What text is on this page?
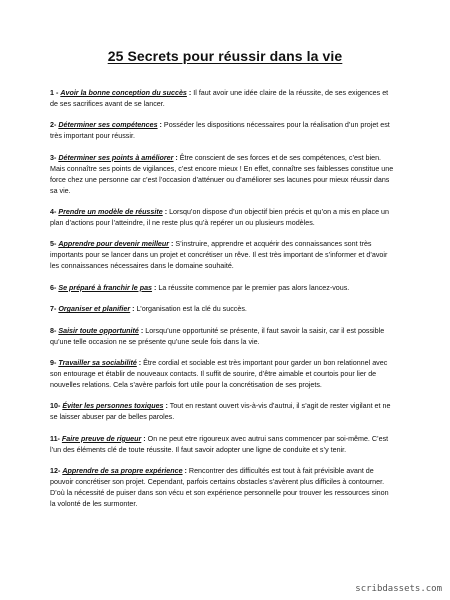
25 Secrets pour réussir dans la vie

1 - Avoir la bonne conception du succès : Il faut avoir une idée claire de la réussite, de ses exigences et de ses sacrifices avant de se lancer.

2- Déterminer ses compétences : Posséder les dispositions nécessaires pour la réalisation d’un projet est très important pour réussir.

3- Déterminer ses points à améliorer : Être conscient de ses forces et de ses compétences, c’est bien. Mais connaître ses points de vigilances, c’est encore mieux ! En effet, connaître ses faiblesses constitue une force chez une personne car c’est l’occasion d’atténuer ou d’améliorer ses lacunes pour mieux réussir dans sa vie.

4- Prendre un modèle de réussite : Lorsqu’on dispose d’un objectif bien précis et qu’on a mis en place un plan d’actions pour l’atteindre, il ne reste plus qu’à repérer un ou plusieurs modèles.

5- Apprendre pour devenir meilleur : S’instruire, apprendre et acquérir des connaissances sont très importants pour se lancer dans un projet et concrétiser un rêve. Il est très important de s’informer et d’avoir les connaissances nécessaires dans le domaine souhaité.

6- Se préparé à franchir le pas : La réussite commence par le premier pas alors lancez-vous.

7- Organiser et planifier : L’organisation est la clé du succès.

8- Saisir toute opportunité : Lorsqu’une opportunité se présente, il faut savoir la saisir, car il est possible qu’une telle occasion ne se présente qu’une seule fois dans la vie.

9- Travailler sa sociabilité : Être cordial et sociable est très important pour garder un bon relationnel avec son entourage et établir de nouveaux contacts. Il suffit de sourire, d’être aimable et courtois pour lier de nouvelles relations. Cela s’avère parfois fort utile pour la concrétisation de ses projets.

10- Éviter les personnes toxiques : Tout en restant ouvert vis-à-vis d’autrui, il s’agit de rester vigilant et ne se laisser abuser par de belles paroles.

11- Faire preuve de rigueur : On ne peut etre rigoureux avec autrui sans commencer par soi-même. C’est l’un des éléments clé de toute réussite. Il faut savoir adopter une ligne de conduite et s’y tenir.

12- Apprendre de sa propre expérience : Rencontrer des difficultés est tout à fait prévisible avant de pouvoir concrétiser son projet. Cependant, parfois certains obstacles s’avèrent plus difficiles à contourner. D’où la nécessité de puiser dans son vécu et son expérience personnelle pour trouver les ressources sinon la volonté de les surmonter.

scribdassets.com
